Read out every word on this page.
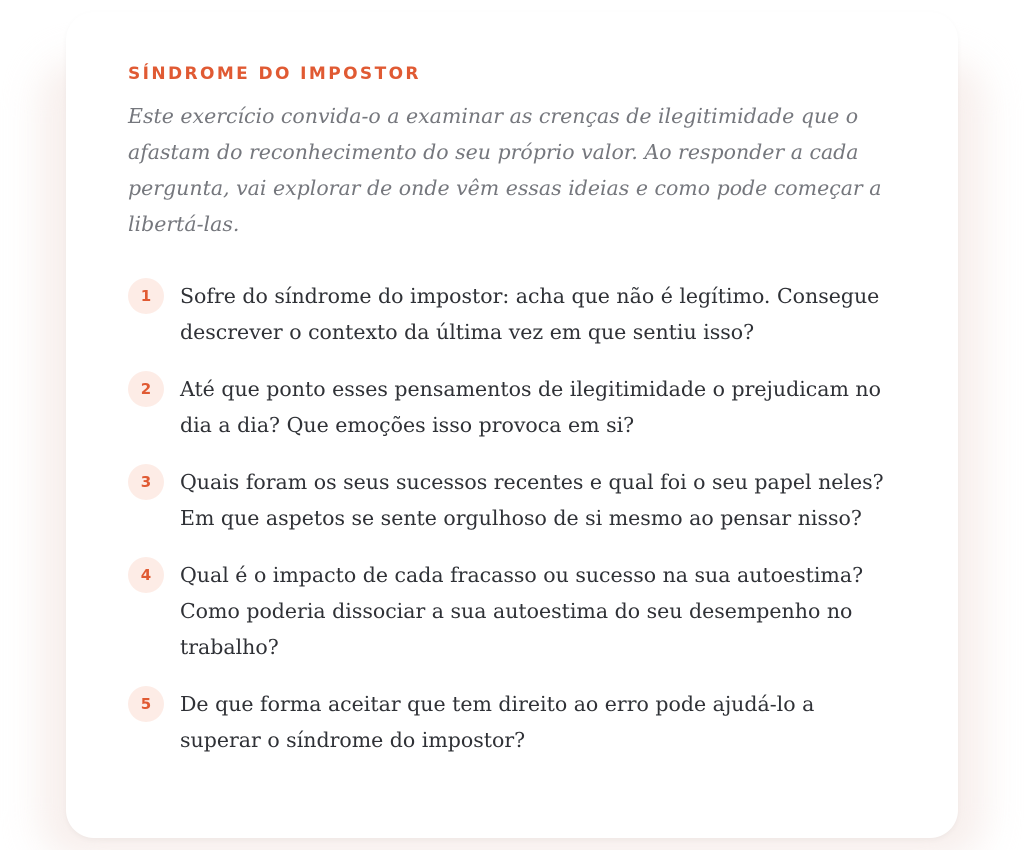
SÍNDROME DO IMPOSTOR

Este exercício convida-o a examinar as crenças de ilegitimidade que o afastam do reconhecimento do seu próprio valor. Ao responder a cada pergunta, vai explorar de onde vêm essas ideias e como pode começar a libertá-las.

1	Sofre do síndrome do impostor: acha que não é legítimo. Consegue descrever o contexto da última vez em que sentiu isso?
2	Até que ponto esses pensamentos de ilegitimidade o prejudicam no dia a dia? Que emoções isso provoca em si?
3	Quais foram os seus sucessos recentes e qual foi o seu papel neles? Em que aspetos se sente orgulhoso de si mesmo ao pensar nisso?
4	Qual é o impacto de cada fracasso ou sucesso na sua autoestima? Como poderia dissociar a sua autoestima do seu desempenho no trabalho?
5	De que forma aceitar que tem direito ao erro pode ajudá-lo a superar o síndrome do impostor?
